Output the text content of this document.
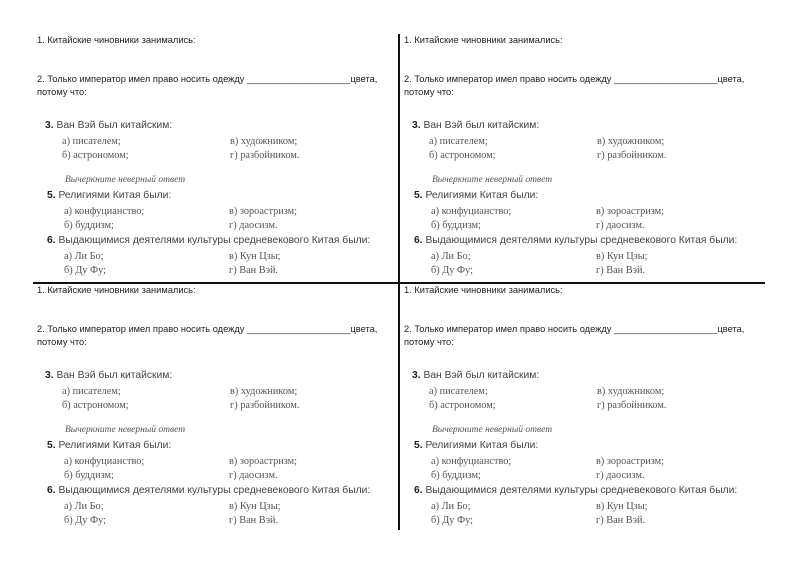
1. Китайские чиновники занимались:
2. Только император имел право носить одежду ____________________цвета, потому что:
3. Ван Вэй был китайским:
а) писателем;	в) художником;
б) астрономом;	г) разбойником.
Вычеркните неверный ответ
5. Религиями Китая были:
а) конфуцианство;	в) зороастризм;
б) буддизм;	г) даосизм.
6. Выдающимися деятелями культуры средневекового Китая были:
а) Ли Бо;	в) Кун Цзы;
б) Ду Фу;	г) Ван Вэй.
1. Китайские чиновники занимались:
2. Только император имел право носить одежду ____________________цвета, потому что:
3. Ван Вэй был китайским:
а) писателем;	в) художником;
б) астрономом;	г) разбойником.
Вычеркните неверный ответ
5. Религиями Китая были:
а) конфуцианство;	в) зороастризм;
б) буддизм;	г) даосизм.
6. Выдающимися деятелями культуры средневекового Китая были:
а) Ли Бо;	в) Кун Цзы;
б) Ду Фу;	г) Ван Вэй.
1. Китайские чиновники занимались:
2. Только император имел право носить одежду ____________________цвета, потому что:
3. Ван Вэй был китайским:
а) писателем;	в) художником;
б) астрономом;	г) разбойником.
Вычеркните неверный ответ
5. Религиями Китая были:
а) конфуцианство;	в) зороастризм;
б) буддизм;	г) даосизм.
6. Выдающимися деятелями культуры средневекового Китая были:
а) Ли Бо;	в) Кун Цзы;
б) Ду Фу;	г) Ван Вэй.
1. Китайские чиновники занимались:
2. Только император имел право носить одежду ____________________цвета, потому что:
3. Ван Вэй был китайским:
а) писателем;	в) художником;
б) астрономом;	г) разбойником.
Вычеркните неверный ответ
5. Религиями Китая были:
а) конфуцианство;	в) зороастризм;
б) буддизм;	г) даосизм.
6. Выдающимися деятелями культуры средневекового Китая были:
а) Ли Бо;	в) Кун Цзы;
б) Ду Фу;	г) Ван Вэй.
